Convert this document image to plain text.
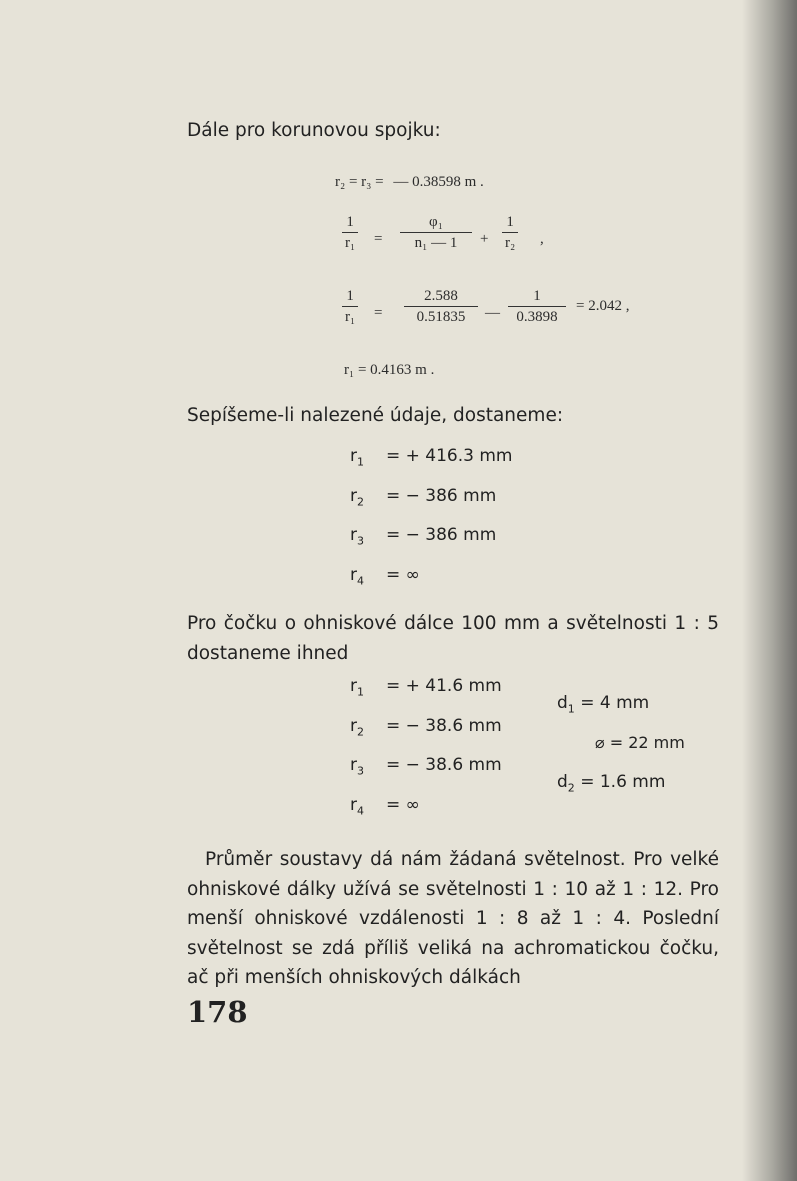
Dále pro korunovou spojku:
r₂ = r₃ = — 0.38598 m .
1
r₁ =
φ₁
n₁ — 1 +
1
r₂ ,
1
r₁ =
2.588
0.51835 —
1
0.3898
= 2.042 ,
r₁ = 0.4163 m .
Sepíšeme-li nalezené údaje, dostaneme:
$r_1$ = + 416.3 mm
$r_2$ = − 386 mm
$r_3$ = − 386 mm
$r_4$ = ∞
Pro čočku o ohniskové dálce 100 mm a světelnosti 1 : 5 dostaneme ihned
$r_1$ = + 41.6 mm
$r_2$ = − 38.6 mm
$r_3$ = − 38.6 mm
$r_4$ = ∞
$d_1 = 4$ mm
⌀ = 22 mm
$d_2 = 1.6$ mm
Průměr soustavy dá nám žádaná světelnost. Pro velké ohniskové dálky užívá se světelnosti 1 : 10 až 1 : 12. Pro menší ohniskové vzdálenosti 1 : 8 až 1 : 4. Poslední světelnost se zdá příliš veliká na achromatickou čočku, ač při menších ohniskových dálkách
178
